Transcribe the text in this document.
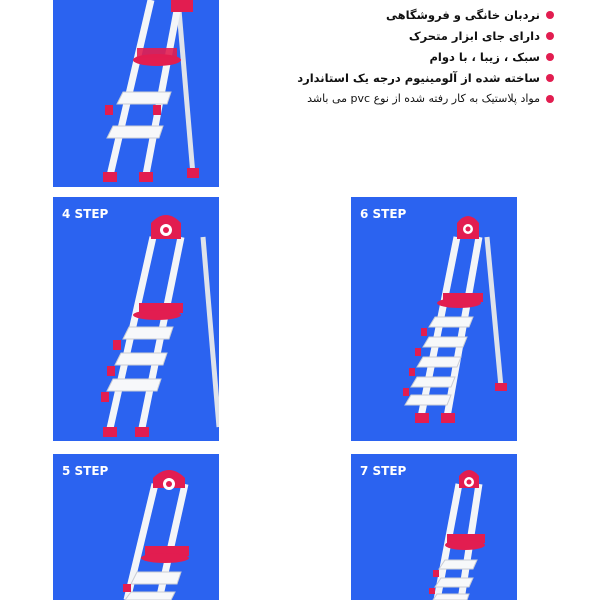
نردبان خانگی و فروشگاهی
دارای جای ابزار متحرک
سبک ، زیبا ، با دوام
ساخته شده از آلومینیوم درجه یک استاندارد
مواد پلاستیک به کار رفته شده از نوع pvc می باشد
4 STEP	6 STEP
5 STEP	7 STEP
